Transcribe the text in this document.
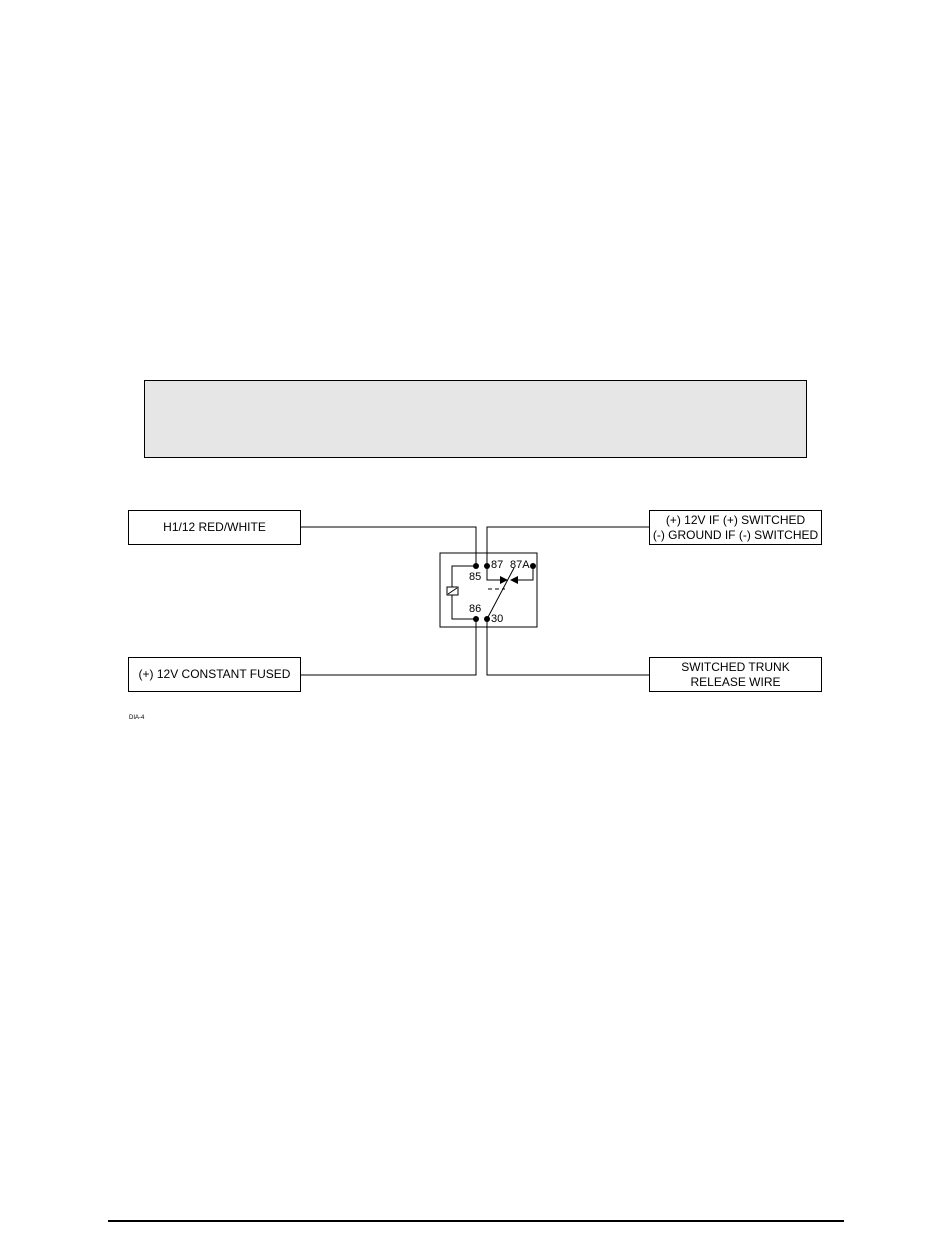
H1/12 RED/WHITE
(+) 12V CONSTANT FUSED
(+) 12V IF (+) SWITCHED
(-) GROUND IF (-) SWITCHED
SWITCHED TRUNK
RELEASE WIRE
87 87A
85
86
30
DIA-4
